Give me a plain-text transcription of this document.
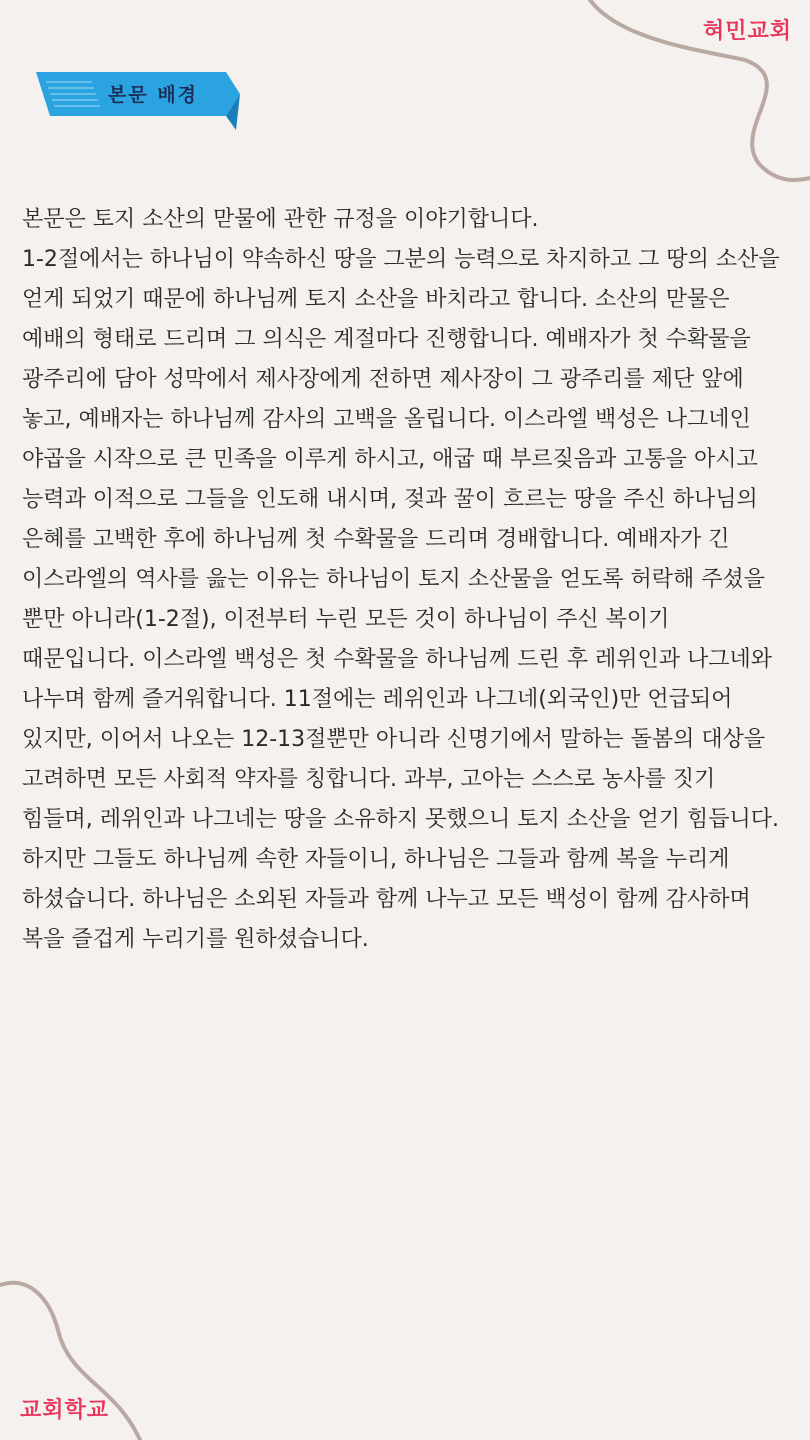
혀민교회
본문 배경

본문은 토지 소산의 맏물에 관한 규정을 이야기합니다.

1-2절에서는 하나님이 약속하신 땅을 그분의 능력으로 차지하고 그 땅의 소산을 얻게 되었기 때문에 하나님께 토지 소산을 바치라고 합니다. 소산의 맏물은 예배의 형태로 드리며 그 의식은 계절마다 진행합니다. 예배자가 첫 수확물을 광주리에 담아 성막에서 제사장에게 전하면 제사장이 그 광주리를 제단 앞에 놓고, 예배자는 하나님께 감사의 고백을 올립니다. 이스라엘 백성은 나그네인 야곱을 시작으로 큰 민족을 이루게 하시고, 애굽 때 부르짖음과 고통을 아시고 능력과 이적으로 그들을 인도해 내시며, 젖과 꿀이 흐르는 땅을 주신 하나님의 은혜를 고백한 후에 하나님께 첫 수확물을 드리며 경배합니다. 예배자가 긴 이스라엘의 역사를 읊는 이유는 하나님이 토지 소산물을 얻도록 허락해 주셨을 뿐만 아니라(1-2절), 이전부터 누린 모든 것이 하나님이 주신 복이기 때문입니다. 이스라엘 백성은 첫 수확물을 하나님께 드린 후 레위인과 나그네와 나누며 함께 즐거워합니다. 11절에는 레위인과 나그네(외국인)만 언급되어 있지만, 이어서 나오는 12-13절뿐만 아니라 신명기에서 말하는 돌봄의 대상을 고려하면 모든 사회적 약자를 칭합니다. 과부, 고아는 스스로 농사를 짓기 힘들며, 레위인과 나그네는 땅을 소유하지 못했으니 토지 소산을 얻기 힘듭니다. 하지만 그들도 하나님께 속한 자들이니, 하나님은 그들과 함께 복을 누리게 하셨습니다. 하나님은 소외된 자들과 함께 나누고 모든 백성이 함께 감사하며 복을 즐겁게 누리기를 원하셨습니다.

교회학교
